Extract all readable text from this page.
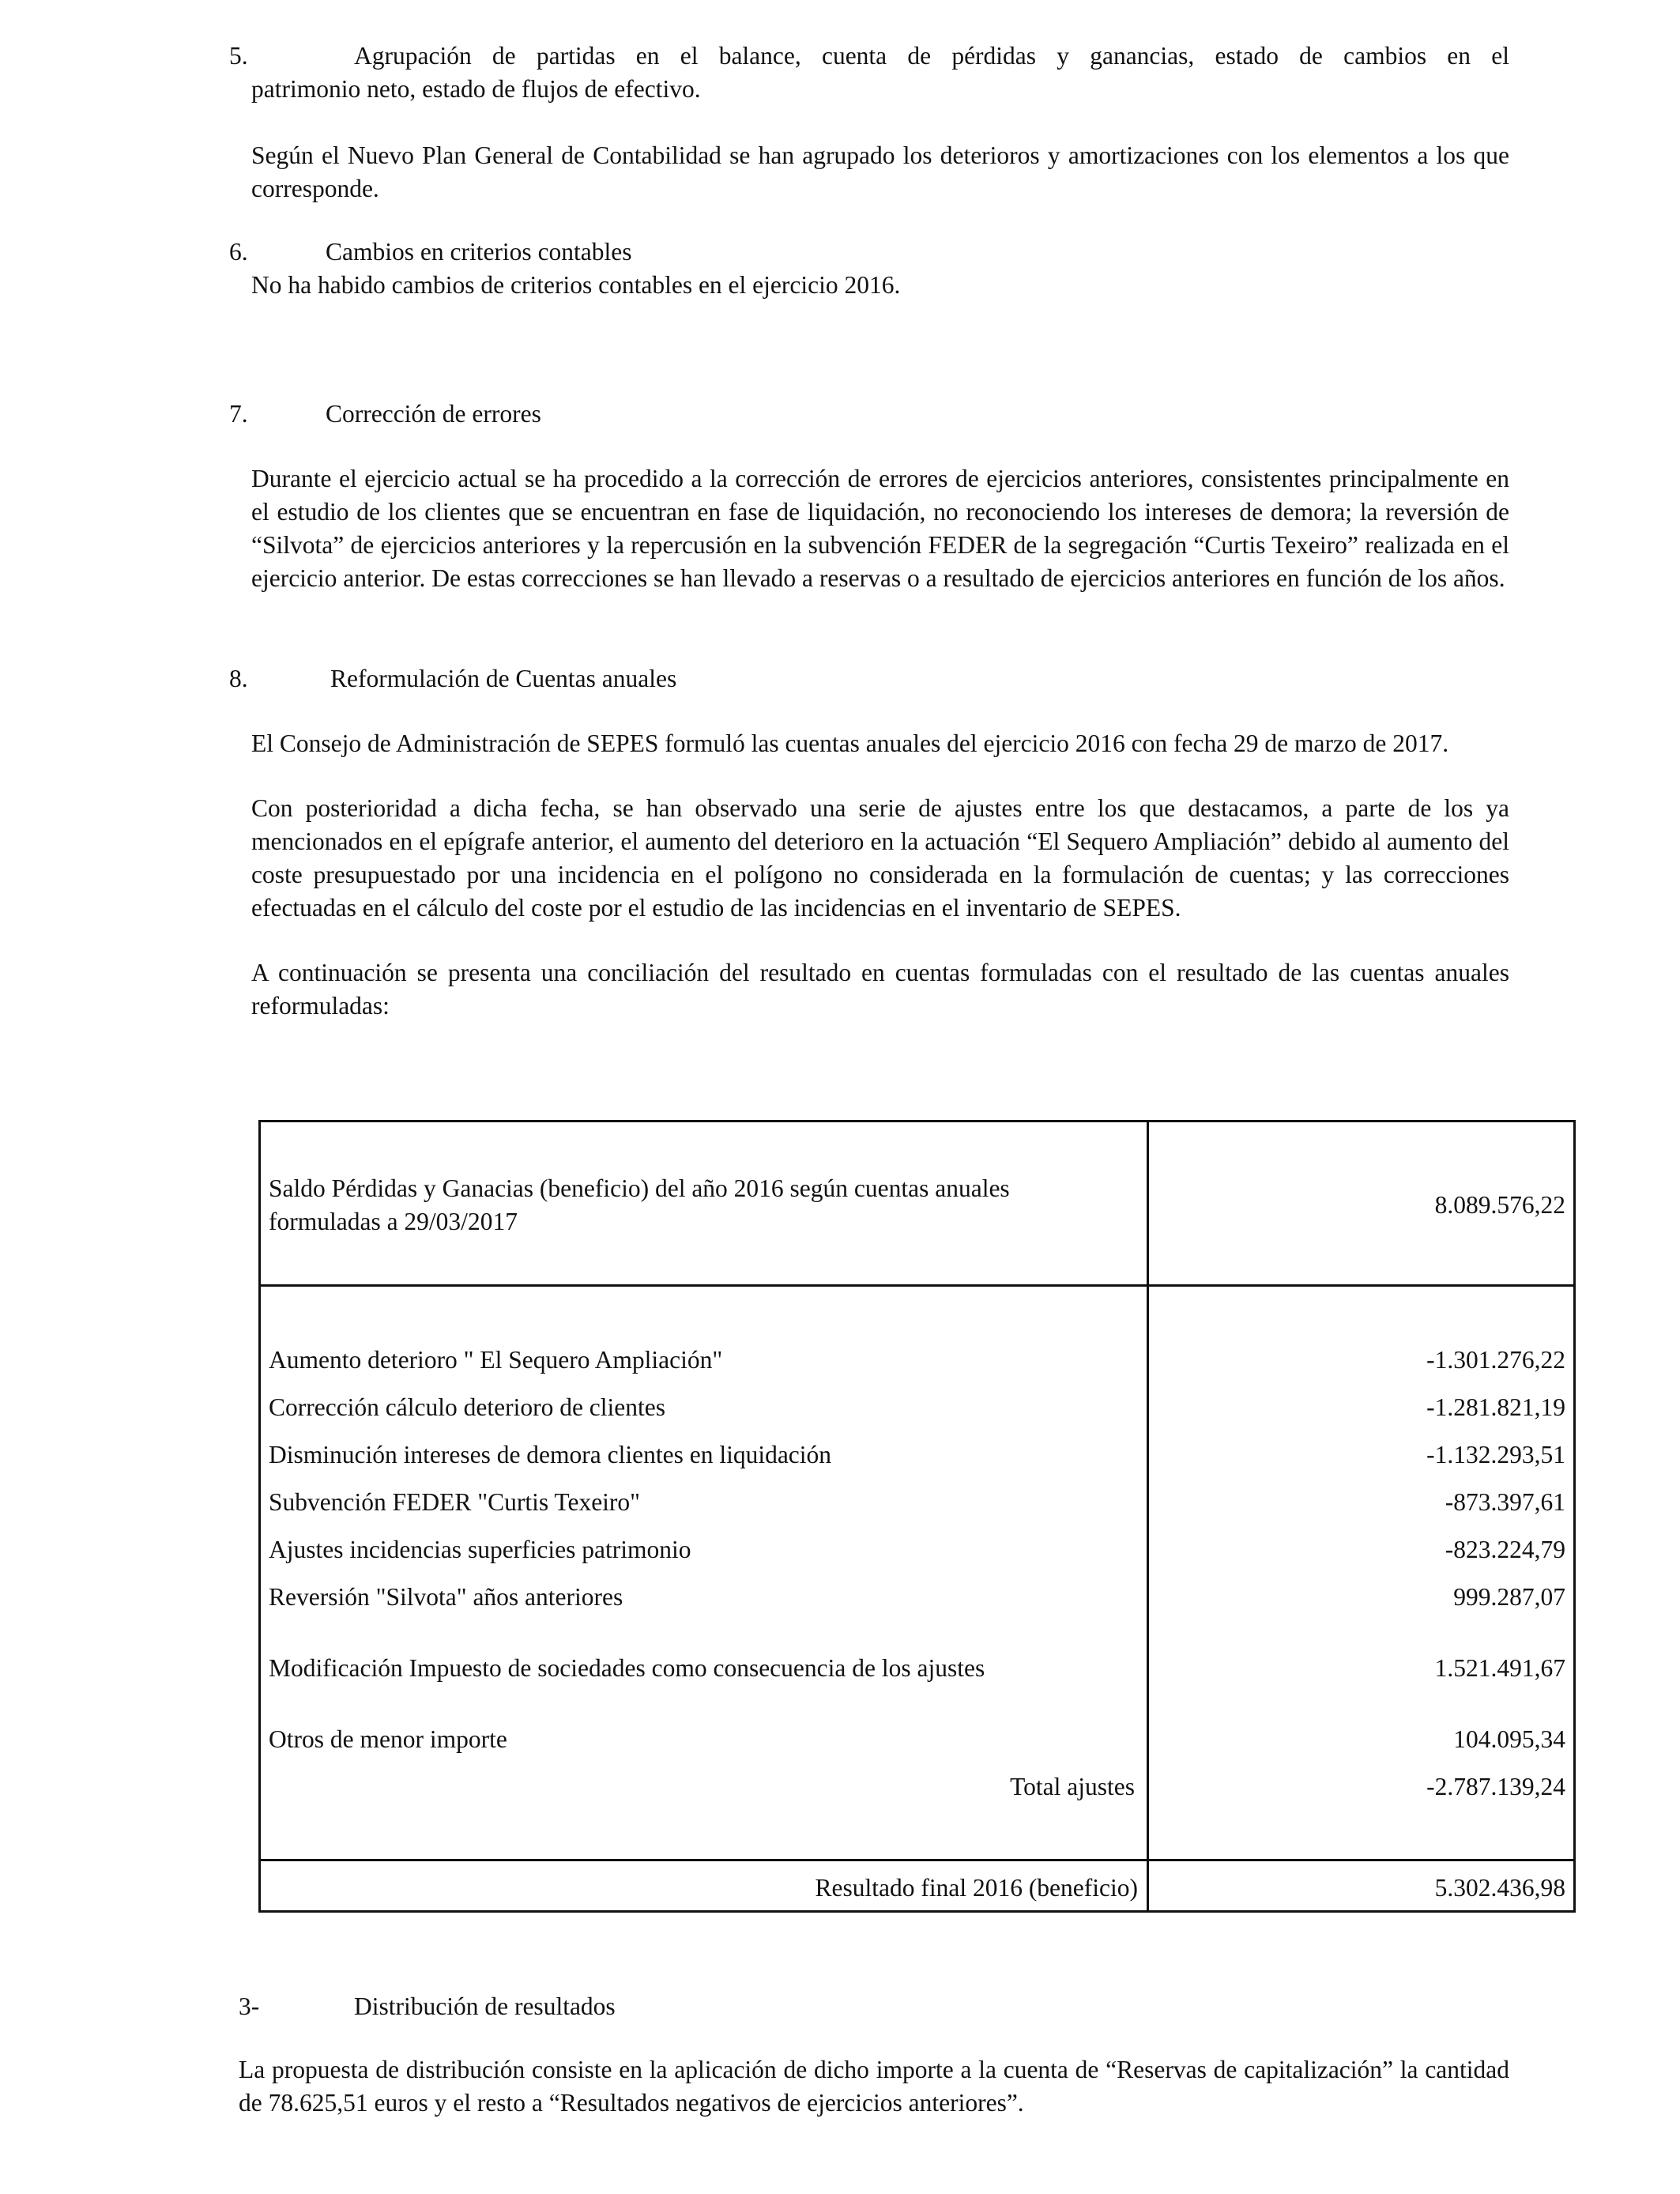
5.	Agrupación de partidas en el balance, cuenta de pérdidas y ganancias, estado de cambios en el
patrimonio neto, estado de flujos de efectivo.

Según el Nuevo Plan General de Contabilidad se han agrupado los deterioros y amortizaciones con los elementos a los que corresponde.

6.	Cambios en criterios contables
No ha habido cambios de criterios contables en el ejercicio 2016.
7.	Corrección de errores

Durante el ejercicio actual se ha procedido a la corrección de errores de ejercicios anteriores, consistentes principalmente en el estudio de los clientes que se encuentran en fase de liquidación, no reconociendo los intereses de demora; la reversión de “Silvota” de ejercicios anteriores y la repercusión en la subvención FEDER de la segregación “Curtis Texeiro” realizada en el ejercicio anterior. De estas correcciones se han llevado a reservas o a resultado de ejercicios anteriores en función de los años.

8.	Reformulación de Cuentas anuales

El Consejo de Administración de SEPES formuló las cuentas anuales del ejercicio 2016 con fecha 29 de marzo de 2017.

Con posterioridad a dicha fecha, se han observado una serie de ajustes entre los que destacamos, a parte de los ya mencionados en el epígrafe anterior, el aumento del deterioro en la actuación “El Sequero Ampliación” debido al aumento del coste presupuestado por una incidencia en el polígono no considerada en la formulación de cuentas; y las correcciones efectuadas en el cálculo del coste por el estudio de las incidencias en el inventario de SEPES.

A continuación se presenta una conciliación del resultado en cuentas formuladas con el resultado de las cuentas anuales reformuladas:

Saldo Pérdidas y Ganacias (beneficio) del año 2016 según cuentas anuales
formuladas a 29/03/2017
8.089.576,22
Aumento deterioro " El Sequero Ampliación"	-1.301.276,22
Corrección cálculo deterioro de clientes	-1.281.821,19
Disminución intereses de demora clientes en liquidación	-1.132.293,51
Subvención FEDER "Curtis Texeiro"	-873.397,61
Ajustes incidencias superficies patrimonio	-823.224,79
Reversión "Silvota" años anteriores	999.287,07
Modificación Impuesto de sociedades como consecuencia de los ajustes	1.521.491,67
Otros de menor importe	104.095,34
Total ajustes	-2.787.139,24
Resultado final 2016 (beneficio)	5.302.436,98
3-	Distribución de resultados

La propuesta de distribución consiste en la aplicación de dicho importe a la cuenta de “Reservas de capitalización” la cantidad de 78.625,51 euros y el resto a “Resultados negativos de ejercicios anteriores”.
